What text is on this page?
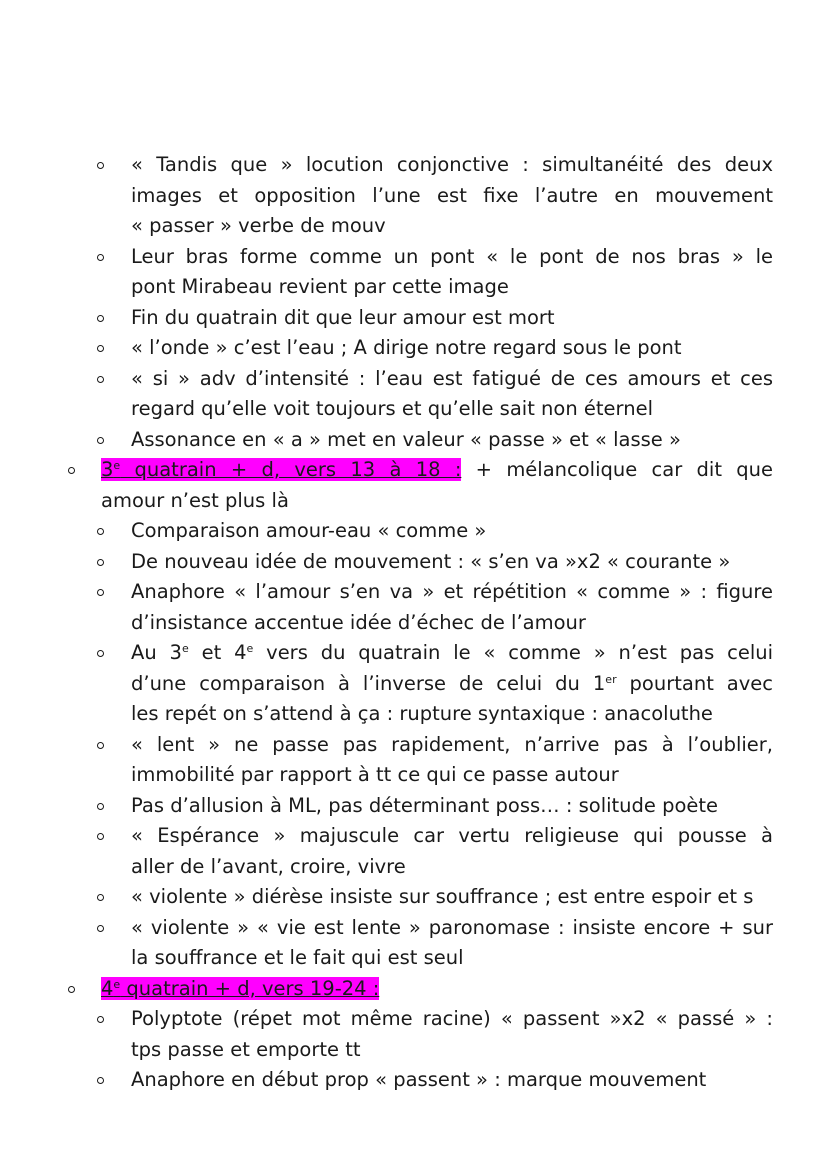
« Tandis que » locution conjonctive : simultanéité des deux
images et opposition l’une est fixe l’autre en mouvement
« passer » verbe de mouv
Leur bras forme comme un pont « le pont de nos bras » le
pont Mirabeau revient par cette image
Fin du quatrain dit que leur amour est mort
« l’onde » c’est l’eau ; A dirige notre regard sous le pont
« si » adv d’intensité : l’eau est fatigué de ces amours et ces
regard qu’elle voit toujours et qu’elle sait non éternel
Assonance en « a » met en valeur « passe » et « lasse »
3e quatrain + d, vers 13 à 18 : + mélancolique car dit que
amour n’est plus là
Comparaison amour-eau « comme »
De nouveau idée de mouvement : « s’en va »x2 « courante »
Anaphore « l’amour s’en va » et répétition « comme » : figure
d’insistance accentue idée d’échec de l’amour
Au 3e et 4e vers du quatrain le « comme » n’est pas celui
d’une comparaison à l’inverse de celui du 1er pourtant avec
les repét on s’attend à ça : rupture syntaxique : anacoluthe
« lent » ne passe pas rapidement, n’arrive pas à l’oublier,
immobilité par rapport à tt ce qui ce passe autour
Pas d’allusion à ML, pas déterminant poss… : solitude poète
« Espérance » majuscule car vertu religieuse qui pousse à
aller de l’avant, croire, vivre
« violente » diérèse insiste sur souffrance ; est entre espoir et s
« violente » « vie est lente » paronomase : insiste encore + sur
la souffrance et le fait qui est seul
4e quatrain + d, vers 19-24 :
Polyptote (répet mot même racine) « passent »x2 « passé » :
tps passe et emporte tt
Anaphore en début prop « passent » : marque mouvement
